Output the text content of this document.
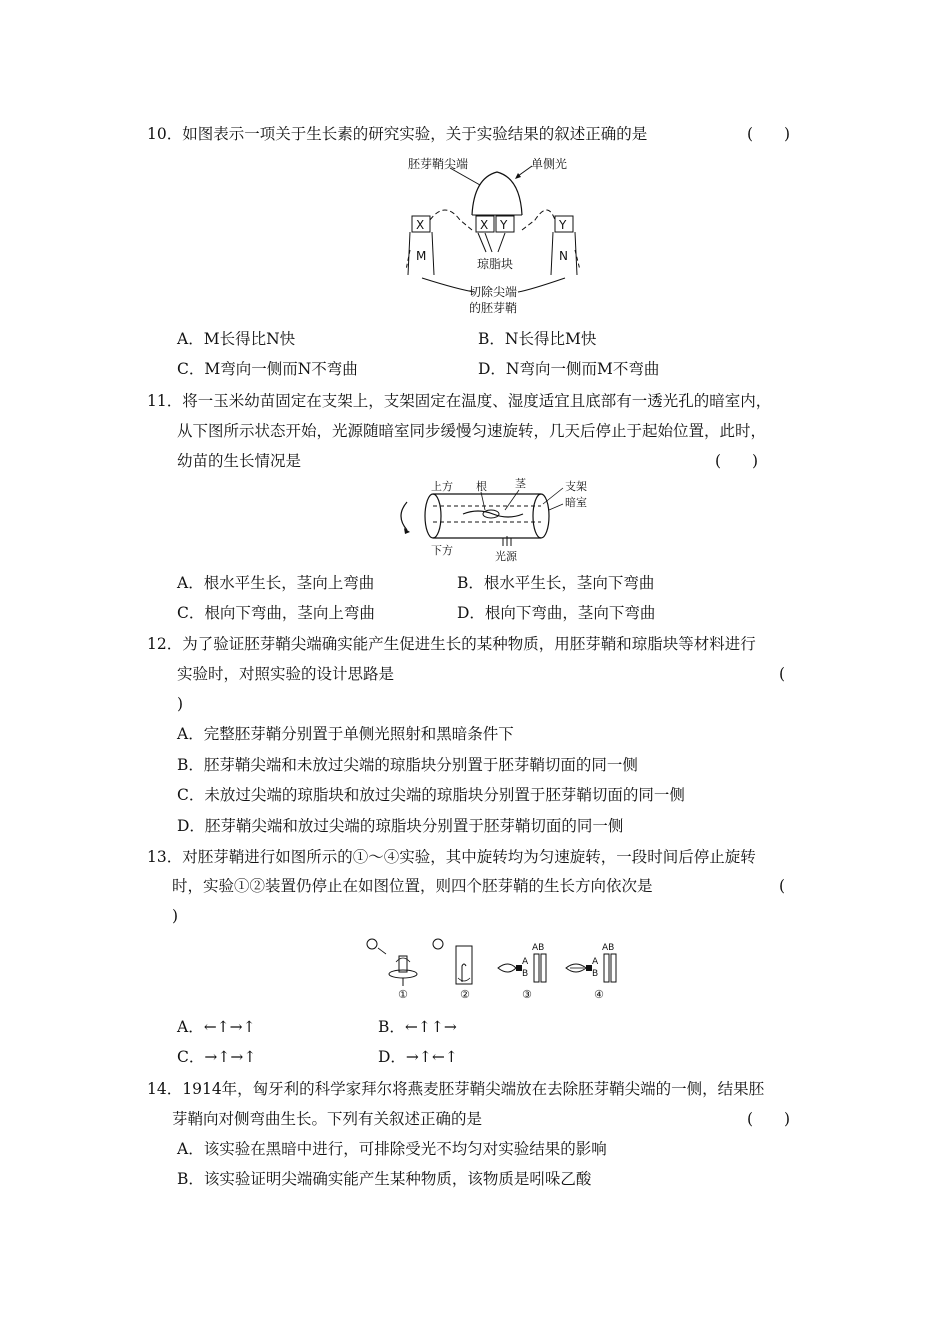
10．如图表示一项关于生长素的研究实验，关于实验结果的叙述正确的是	(　　)
胚芽鞘尖端	单侧光
X Y
X	Y
M	N
琼脂块
切除尖端
的胚芽鞘
A．M长得比N快	B．N长得比M快
C．M弯向一侧而N不弯曲	D．N弯向一侧而M不弯曲
11．将一玉米幼苗固定在支架上，支架固定在温度、湿度适宜且底部有一透光孔的暗室内，
从下图所示状态开始，光源随暗室同步缓慢匀速旋转，几天后停止于起始位置，此时，
幼苗的生长情况是	(　　)
上方 根	茎	支架
暗室
下方	光源
A．根水平生长，茎向上弯曲	B．根水平生长，茎向下弯曲
C．根向下弯曲，茎向上弯曲	D．根向下弯曲，茎向下弯曲
12．为了验证胚芽鞘尖端确实能产生促进生长的某种物质，用胚芽鞘和琼脂块等材料进行
实验时，对照实验的设计思路是	(
)
A．完整胚芽鞘分别置于单侧光照射和黑暗条件下
B．胚芽鞘尖端和未放过尖端的琼脂块分别置于胚芽鞘切面的同一侧
C．未放过尖端的琼脂块和放过尖端的琼脂块分别置于胚芽鞘切面的同一侧
D．胚芽鞘尖端和放过尖端的琼脂块分别置于胚芽鞘切面的同一侧
13．对胚芽鞘进行如图所示的①～④实验，其中旋转均为匀速旋转，一段时间后停止旋转
时，实验①②装置仍停止在如图位置，则四个胚芽鞘的生长方向依次是	(
)
①	②
A
B
AB
③
A
B
AB
④
A．←↑→↑	B．←↑↑→
C．→↑→↑	D．→↑←↑
14．1914年，匈牙利的科学家拜尔将燕麦胚芽鞘尖端放在去除胚芽鞘尖端的一侧，结果胚
芽鞘向对侧弯曲生长。下列有关叙述正确的是	(　　)
A．该实验在黑暗中进行，可排除受光不均匀对实验结果的影响
B．该实验证明尖端确实能产生某种物质，该物质是吲哚乙酸
